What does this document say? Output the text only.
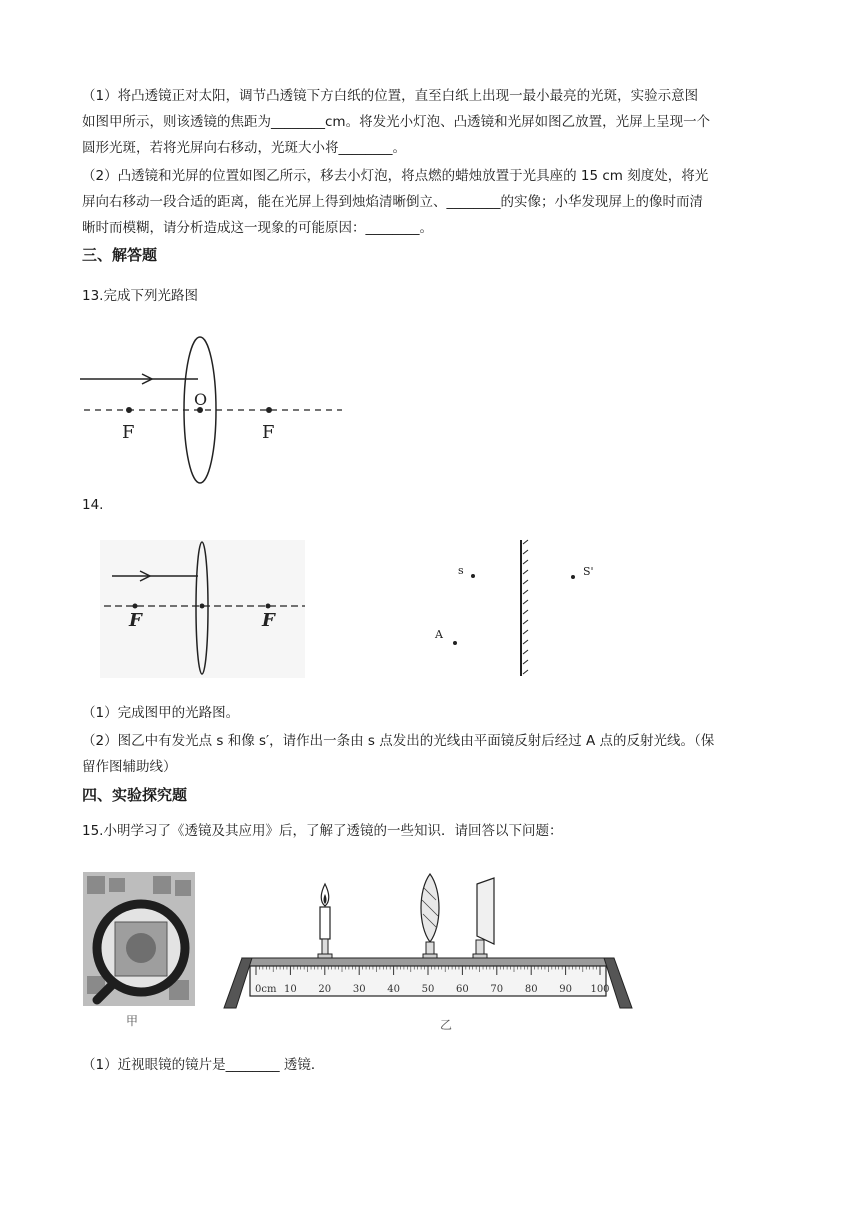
（1）将凸透镜正对太阳，调节凸透镜下方白纸的位置，直至白纸上出现一最小最亮的光斑，实验示意图

如图甲所示，则该透镜的焦距为________cm。将发光小灯泡、凸透镜和光屏如图乙放置，光屏上呈现一个

圆形光斑，若将光屏向右移动，光斑大小将________。

（2）凸透镜和光屏的位置如图乙所示，移去小灯泡，将点燃的蜡烛放置于光具座的 15 cm 刻度处，将光

屏向右移动一段合适的距离，能在光屏上得到烛焰清晰倒立、________的实像；小华发现屏上的像时而清

晰时而模糊，请分析造成这一现象的可能原因：________。

三、解答题

13.完成下列光路图

O
F	F

14.

F	F
s	S'
A

（1）完成图甲的光路图。

（2）图乙中有发光点 s 和像 s′，请作出一条由 s 点发出的光线由平面镜反射后经过 A 点的反射光线。（保

留作图辅助线）

四、实验探究题

15.小明学习了《透镜及其应用》后，了解了透镜的一些知识．请回答以下问题：

甲
0cm 10 20 30 40 50 60 70 80 90 100
乙

（1）近视眼镜的镜片是________ 透镜．
